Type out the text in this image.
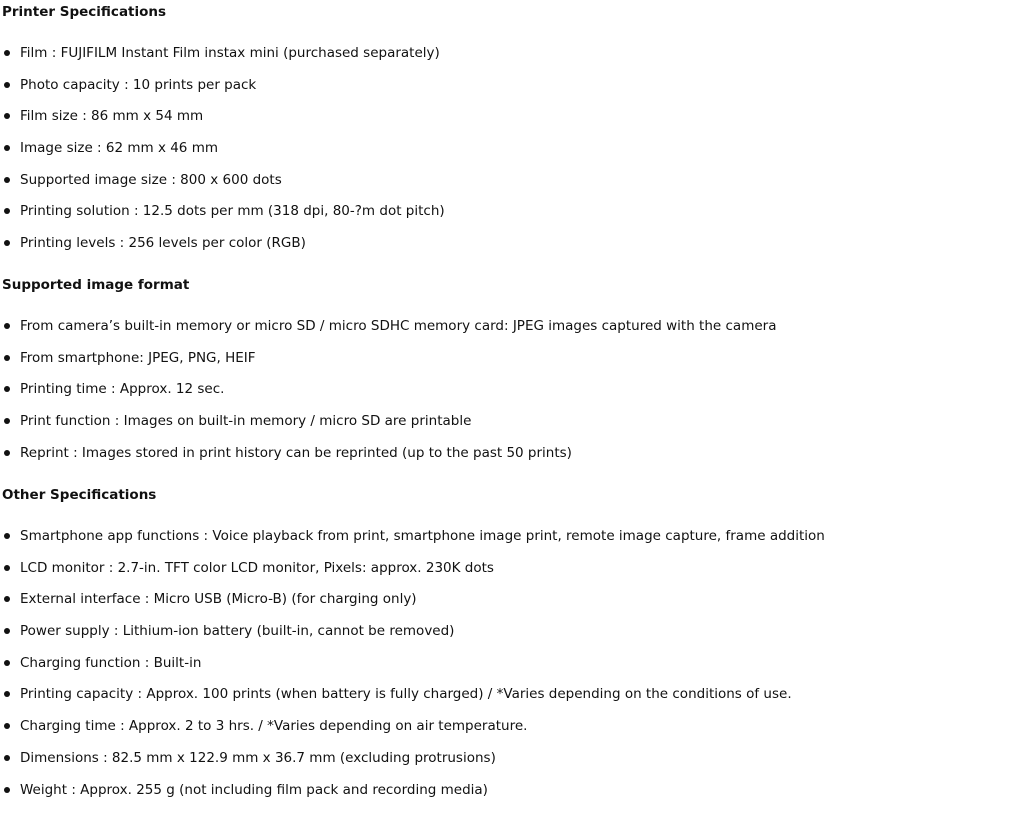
Printer Specifications
Film : FUJIFILM Instant Film instax mini (purchased separately)
Photo capacity : 10 prints per pack
Film size : 86 mm x 54 mm
Image size : 62 mm x 46 mm
Supported image size : 800 x 600 dots
Printing solution : 12.5 dots per mm (318 dpi, 80-?m dot pitch)
Printing levels : 256 levels per color (RGB)
Supported image format
From camera’s built-in memory or micro SD / micro SDHC memory card: JPEG images captured with the camera
From smartphone: JPEG, PNG, HEIF
Printing time : Approx. 12 sec.
Print function : Images on built-in memory / micro SD are printable
Reprint : Images stored in print history can be reprinted (up to the past 50 prints)
Other Specifications
Smartphone app functions : Voice playback from print, smartphone image print, remote image capture, frame addition
LCD monitor : 2.7-in. TFT color LCD monitor, Pixels: approx. 230K dots
External interface : Micro USB (Micro-B) (for charging only)
Power supply : Lithium-ion battery (built-in, cannot be removed)
Charging function : Built-in
Printing capacity : Approx. 100 prints (when battery is fully charged) / *Varies depending on the conditions of use.
Charging time : Approx. 2 to 3 hrs. / *Varies depending on air temperature.
Dimensions : 82.5 mm x 122.9 mm x 36.7 mm (excluding protrusions)
Weight : Approx. 255 g (not including film pack and recording media)
